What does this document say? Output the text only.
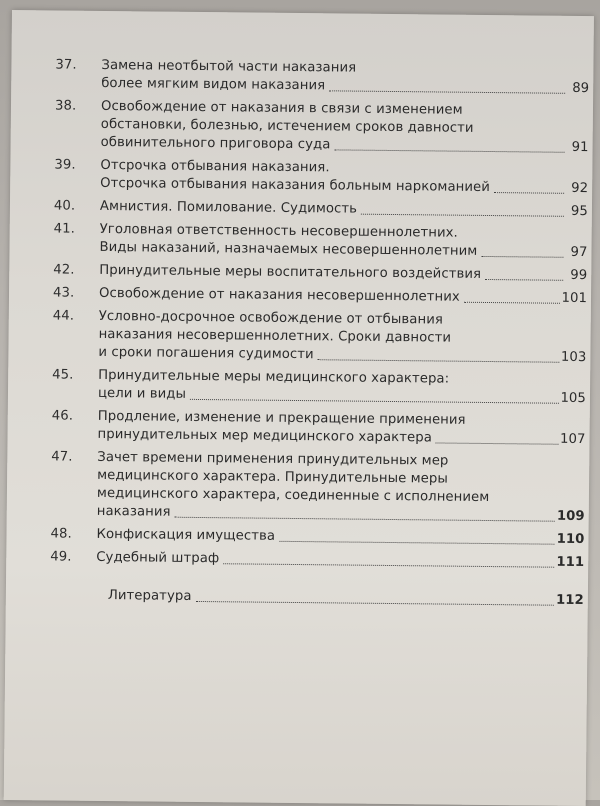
37.	Замена неотбытой части наказания
более мягким видом наказания	89
38.	Освобождение от наказания в связи с изменением
обстановки, болезнью, истечением сроков давности
обвинительного приговора суда	91
39.	Отсрочка отбывания наказания.
Отсрочка отбывания наказания больным наркоманией	92
40.	Амнистия. Помилование. Судимость	95
41.	Уголовная ответственность несовершеннолетних.
Виды наказаний, назначаемых несовершеннолетним	97
42.	Принудительные меры воспитательного воздействия	99
43.	Освобождение от наказания несовершеннолетних	101
44.	Условно-досрочное освобождение от отбывания
наказания несовершеннолетних. Сроки давности
и сроки погашения судимости	103
45.	Принудительные меры медицинского характера:
цели и виды	105
46.	Продление, изменение и прекращение применения
принудительных мер медицинского характера	107
47.	Зачет времени применения принудительных мер
медицинского характера. Принудительные меры
медицинского характера, соединенные с исполнением
наказания	109
48.	Конфискация имущества	110
49.	Судебный штраф	111
Литература	112
